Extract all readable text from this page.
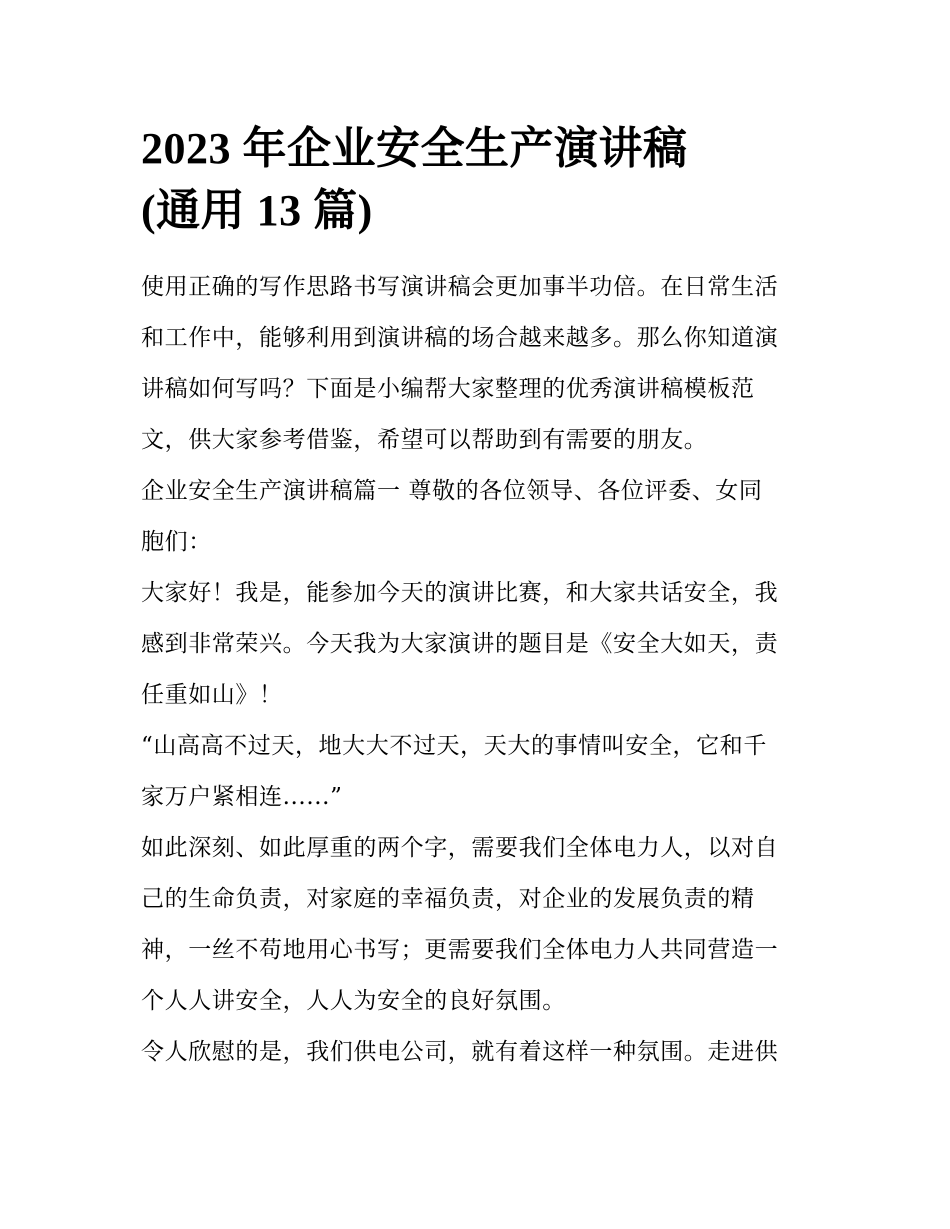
2023 年企业安全生产演讲稿
(通用 13 篇)
使用正确的写作思路书写演讲稿会更加事半功倍。在日常生活
和工作中，能够利用到演讲稿的场合越来越多。那么你知道演
讲稿如何写吗？下面是小编帮大家整理的优秀演讲稿模板范
文，供大家参考借鉴，希望可以帮助到有需要的朋友。
企业安全生产演讲稿篇一 尊敬的各位领导、各位评委、女同
胞们：
大家好！我是，能参加今天的演讲比赛，和大家共话安全，我
感到非常荣兴。今天我为大家演讲的题目是《安全大如天，责
任重如山》！
“山高高不过天，地大大不过天，天大的事情叫安全，它和千
家万户紧相连......”
如此深刻、如此厚重的两个字，需要我们全体电力人，以对自
己的生命负责，对家庭的幸福负责，对企业的发展负责的精
神，一丝不苟地用心书写；更需要我们全体电力人共同营造一
个人人讲安全，人人为安全的良好氛围。
令人欣慰的是，我们供电公司，就有着这样一种氛围。走进供
